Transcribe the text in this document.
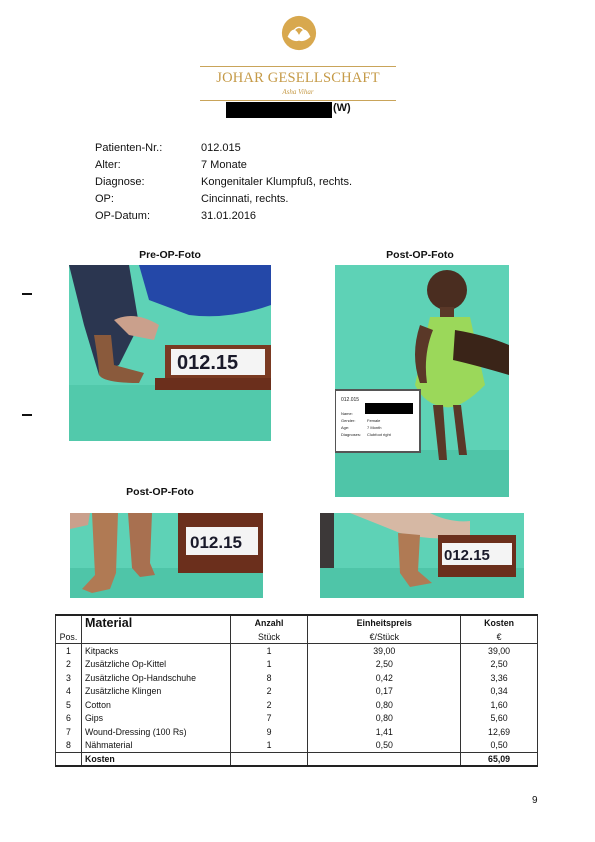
JOHAR GESELLSCHAFT
Asha Vihar
(W)
Patienten-Nr.:	012.015
Alter:	7 Monate
Diagnose:	Kongenitaler Klumpfuß, rechts.
OP:	Cincinnati, rechts.
OP-Datum:	31.01.2016
Pre-OP-Foto	Post-OP-Foto
Post-OP-Foto
012.15
012.015
Name:
Gender:
Age:
Diagnoses:
Female
7 Month
Clubfoot right
012.15
012.15
	Material	Anzahl	Einheitspreis	Kosten
Pos.		Stück	€/Stück	€
1	Kitpacks	1	39,00	39,00
2	Zusätzliche Op-Kittel	1	2,50	2,50
3	Zusätzliche Op-Handschuhe	8	0,42	3,36
4	Zusätzliche Klingen	2	0,17	0,34
5	Cotton	2	0,80	1,60
6	Gips	7	0,80	5,60
7	Wound-Dressing (100 Rs)	9	1,41	12,69
8	Nähmaterial	1	0,50	0,50
	Kosten			65,09
9
